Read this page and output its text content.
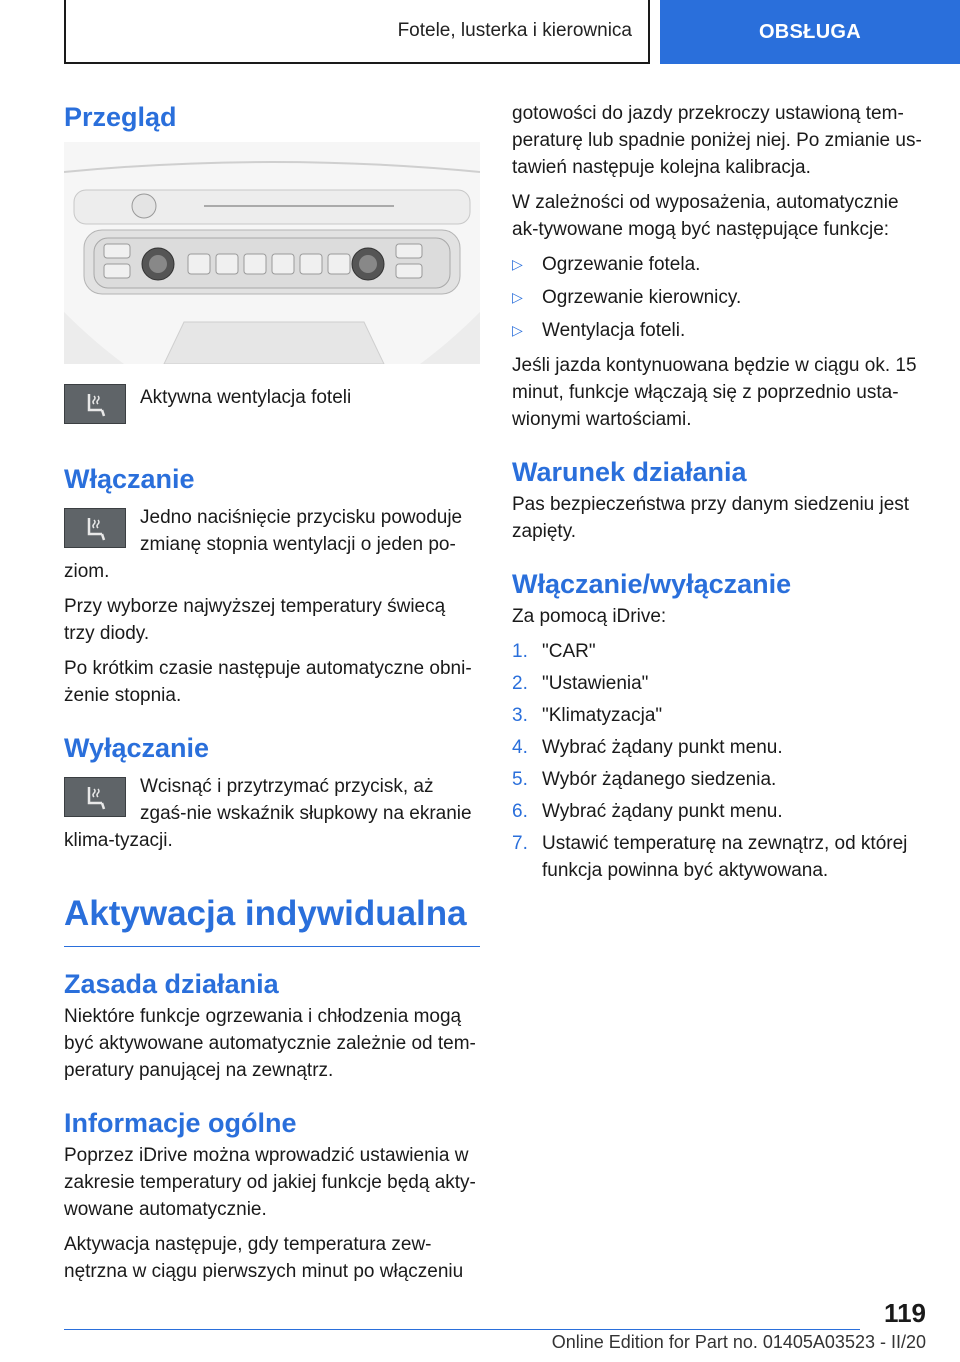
Fotele, lusterka i kierownica	OBSŁUGA
Przegląd

Aktywna wentylacja foteli

Włączanie

Jedno naciśnięcie przycisku powoduje zmianę stopnia wentylacji o jeden po-ziom.

Przy wyborze najwyższej temperatury świecą trzy diody.

Po krótkim czasie następuje automatyczne obni-żenie stopnia.

Wyłączanie

Wcisnąć i przytrzymać przycisk, aż zgaś-nie wskaźnik słupkowy na ekranie klima-tyzacji.

Aktywacja indywidualna
Zasada działania

Niektóre funkcje ogrzewania i chłodzenia mogą być aktywowane automatycznie zależnie od tem-peratury panującej na zewnątrz.

Informacje ogólne

Poprzez iDrive można wprowadzić ustawienia w zakresie temperatury od jakiej funkcje będą akty-wowane automatycznie.

Aktywacja następuje, gdy temperatura zew-nętrzna w ciągu pierwszych minut po włączeniu

gotowości do jazdy przekroczy ustawioną tem-peraturę lub spadnie poniżej niej. Po zmianie us-tawień następuje kolejna kalibracja.

W zależności od wyposażenia, automatycznie ak-tywowane mogą być następujące funkcje:

▷ Ogrzewanie fotela.
▷ Ogrzewanie kierownicy.
▷ Wentylacja foteli.

Jeśli jazda kontynuowana będzie w ciągu ok. 15 minut, funkcje włączają się z poprzednio usta-wionymi wartościami.

Warunek działania

Pas bezpieczeństwa przy danym siedzeniu jest zapięty.

Włączanie/wyłączanie

Za pomocą iDrive:

1. "CAR"
2. "Ustawienia"
3. "Klimatyzacja"
4. Wybrać żądany punkt menu.
5. Wybór żądanego siedzenia.
6. Wybrać żądany punkt menu.
7. Ustawić temperaturę na zewnątrz, od której funkcja powinna być aktywowana.
119
Online Edition for Part no. 01405A03523 - II/20
